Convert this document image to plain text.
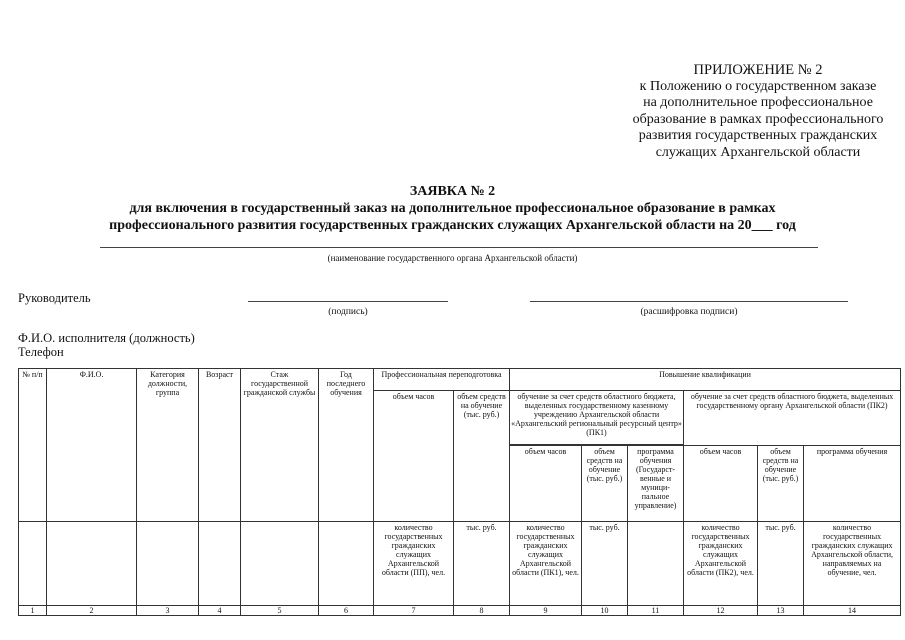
ПРИЛОЖЕНИЕ № 2
к Положению о государственном заказе
на дополнительное профессиональное
образование в рамках профессионального
развития государственных гражданских
служащих Архангельской области
ЗАЯВКА № 2
для включения в государственный заказ на дополнительное профессиональное образование в рамках
профессионального развития государственных гражданских служащих Архангельской области на 20___ год
(наименование государственного органа Архангельской области)
Руководитель
(подпись)	(расшифровка подписи)
Ф.И.О. исполнителя (должность)
Телефон
№ п/п	Ф.И.О.	Категория должности, группа	Возраст	Стаж государственной гражданской службы	Год последнего обучения	Профессиональная переподготовка		Повышение квалификации					
						объем часов	объем средств на обучение (тыс. руб.)	обучение за счет средств областного бюджета, выделенных государственному казенному учреждению Архангельской области «Архангельский региональный ресурсный центр» (ПК1)			обучение за счет средств областного бюджета, выделенных государственному органу Архангельской области (ПК2)		

								объем часов	объем средств на обучение (тыс. руб.)	программа обучения (Государст-венные и муници-пальное управление)	объем часов	объем средств на обучение (тыс. руб.)	программа обучения
						количество государственных гражданских служащих Архангельской области (ПП), чел.	тыс. руб.	количество государственных гражданских служащих Архангельской области (ПК1), чел.	тыс. руб.		количество государственных гражданских служащих Архангельской области (ПК2), чел.	тыс. руб.	количество государственных гражданских служащих Архангельской области, направляемых на обучение, чел.
1	2	3	4	5	6	7	8	9	10	11	12	13	14
